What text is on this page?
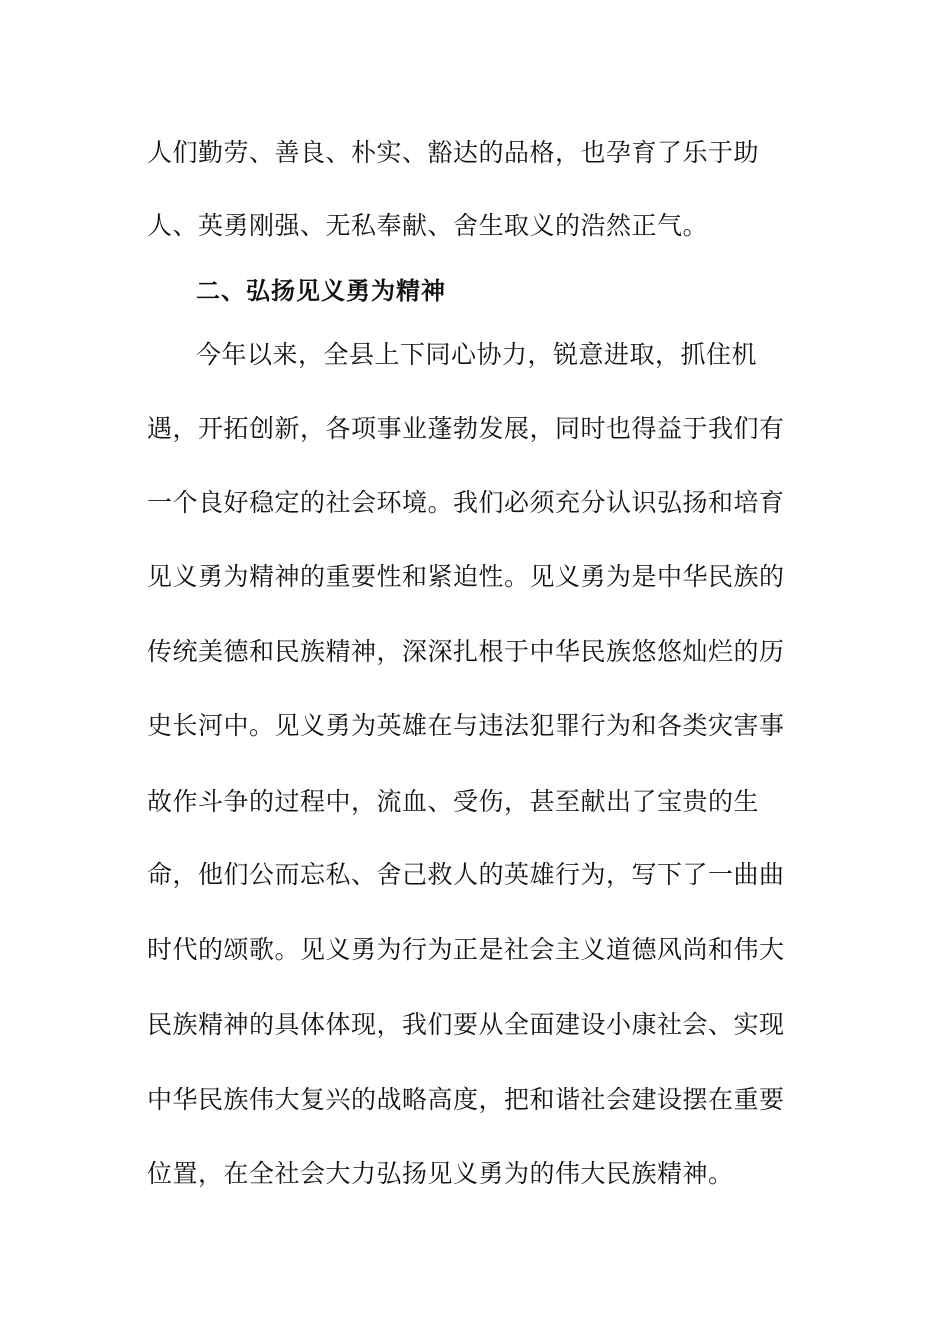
人们勤劳、善良、朴实、豁达的品格，也孕育了乐于助
人、英勇刚强、无私奉献、舍生取义的浩然正气。
二、弘扬见义勇为精神
今年以来，全县上下同心协力，锐意进取，抓住机
遇，开拓创新，各项事业蓬勃发展，同时也得益于我们有
一个良好稳定的社会环境。我们必须充分认识弘扬和培育
见义勇为精神的重要性和紧迫性。见义勇为是中华民族的
传统美德和民族精神，深深扎根于中华民族悠悠灿烂的历
史长河中。见义勇为英雄在与违法犯罪行为和各类灾害事
故作斗争的过程中，流血、受伤，甚至献出了宝贵的生
命，他们公而忘私、舍己救人的英雄行为，写下了一曲曲
时代的颂歌。见义勇为行为正是社会主义道德风尚和伟大
民族精神的具体体现，我们要从全面建设小康社会、实现
中华民族伟大复兴的战略高度，把和谐社会建设摆在重要
位置，在全社会大力弘扬见义勇为的伟大民族精神。
